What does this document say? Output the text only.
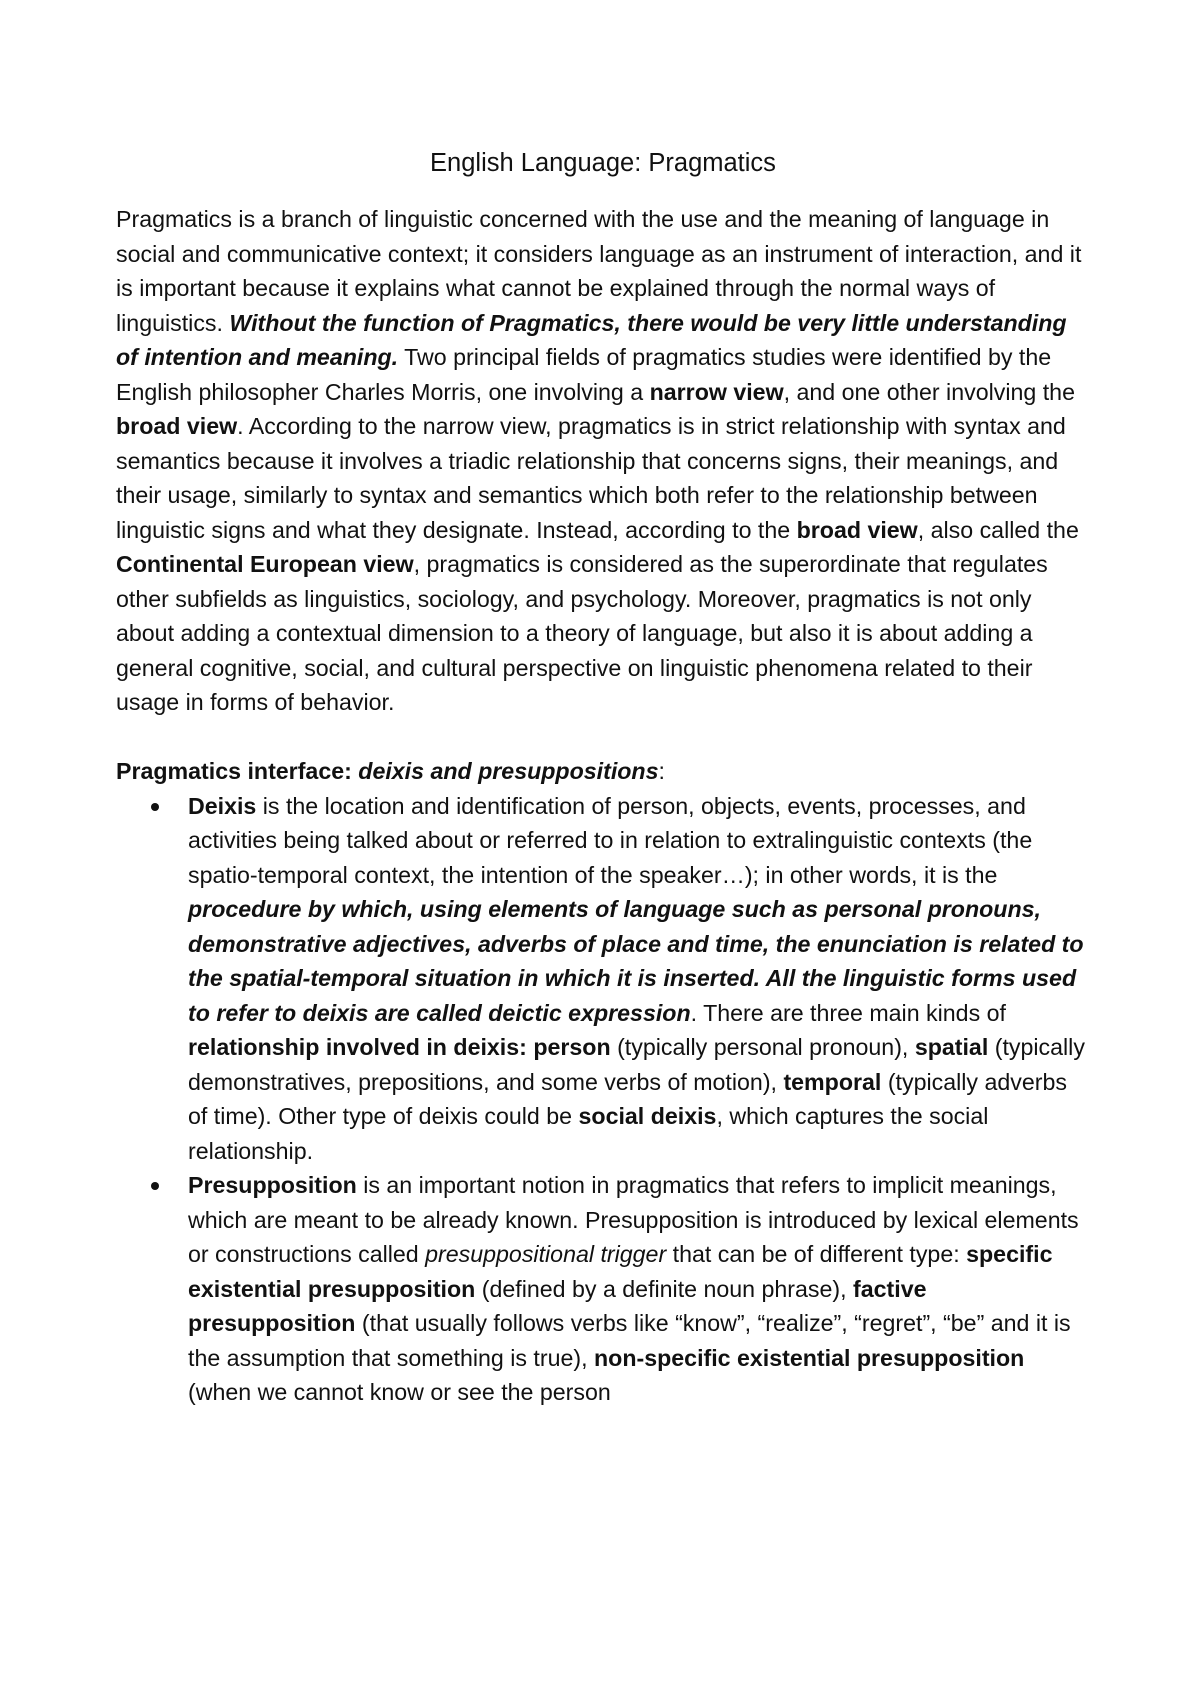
English Language: Pragmatics

Pragmatics is a branch of linguistic concerned with the use and the meaning of language in social and communicative context; it considers language as an instrument of interaction, and it is important because it explains what cannot be explained through the normal ways of linguistics. Without the function of Pragmatics, there would be very little understanding of intention and meaning. Two principal fields of pragmatics studies were identified by the English philosopher Charles Morris, one involving a narrow view, and one other involving the broad view. According to the narrow view, pragmatics is in strict relationship with syntax and semantics because it involves a triadic relationship that concerns signs, their meanings, and their usage, similarly to syntax and semantics which both refer to the relationship between linguistic signs and what they designate. Instead, according to the broad view, also called the Continental European view, pragmatics is considered as the superordinate that regulates other subfields as linguistics, sociology, and psychology. Moreover, pragmatics is not only about adding a contextual dimension to a theory of language, but also it is about adding a general cognitive, social, and cultural perspective on linguistic phenomena related to their usage in forms of behavior.

Pragmatics interface: deixis and presuppositions:

Deixis is the location and identification of person, objects, events, processes, and activities being talked about or referred to in relation to extralinguistic contexts (the spatio-temporal context, the intention of the speaker…); in other words, it is the procedure by which, using elements of language such as personal pronouns, demonstrative adjectives, adverbs of place and time, the enunciation is related to the spatial-temporal situation in which it is inserted. All the linguistic forms used to refer to deixis are called deictic expression. There are three main kinds of relationship involved in deixis: person (typically personal pronoun), spatial (typically demonstratives, prepositions, and some verbs of motion), temporal (typically adverbs of time). Other type of deixis could be social deixis, which captures the social relationship.
Presupposition is an important notion in pragmatics that refers to implicit meanings, which are meant to be already known. Presupposition is introduced by lexical elements or constructions called presuppositional trigger that can be of different type: specific existential presupposition (defined by a definite noun phrase), factive presupposition (that usually follows verbs like “know”, “realize”, “regret”, “be” and it is the assumption that something is true), non-specific existential presupposition (when we cannot know or see the person
